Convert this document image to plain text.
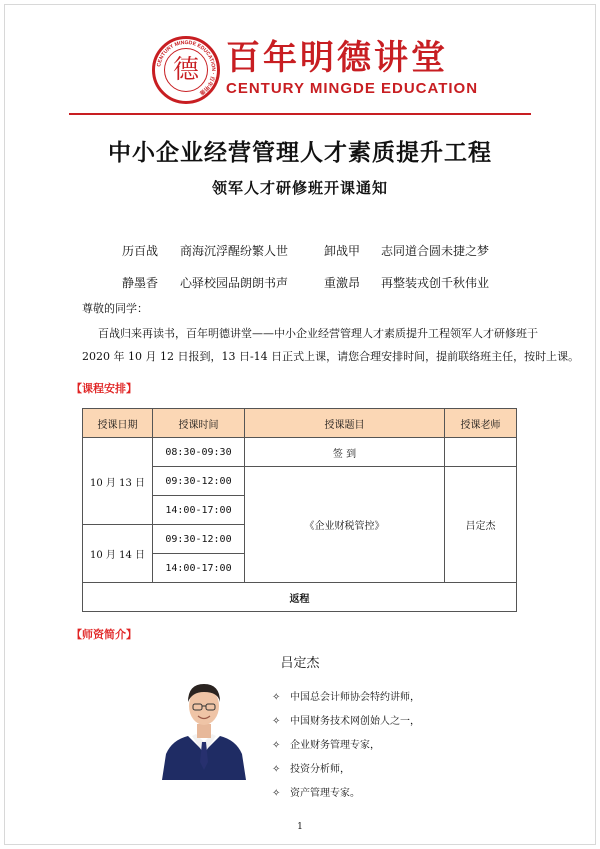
CENTURY MINGDE EDUCATION · 百年明德
德 百年明德讲堂
CENTURY MINGDE EDUCATION
中小企业经营管理人才素质提升工程
领军人才研修班开课通知
历百战 商海沉浮醒纷繁人世	卸战甲 志同道合圆未捷之梦
静墨香 心驿校园品朗朗书声	重激昂 再整装戎创千秋伟业
尊敬的同学：
百战归来再读书，百年明德讲堂——中小企业经营管理人才素质提升工程领军人才研修班于
2020 年 10 月 12 日报到，13 日-14 日正式上课，请您合理安排时间，提前联络班主任，按时上课。
【课程安排】
授课日期	授课时间	授课题目	授课老师
10 月 13 日	08:30-09:30	签 到	
	09:30-12:00	《企业财税管控》	吕定杰
	14:00-17:00		
10 月 14 日	09:30-12:00		
	14:00-17:00		
返程			
【师资简介】
吕定杰
✧ 中国总会计师协会特约讲师，
✧ 中国财务技术网创始人之一，
✧ 企业财务管理专家，
✧ 投资分析师，
✧ 资产管理专家。
1
